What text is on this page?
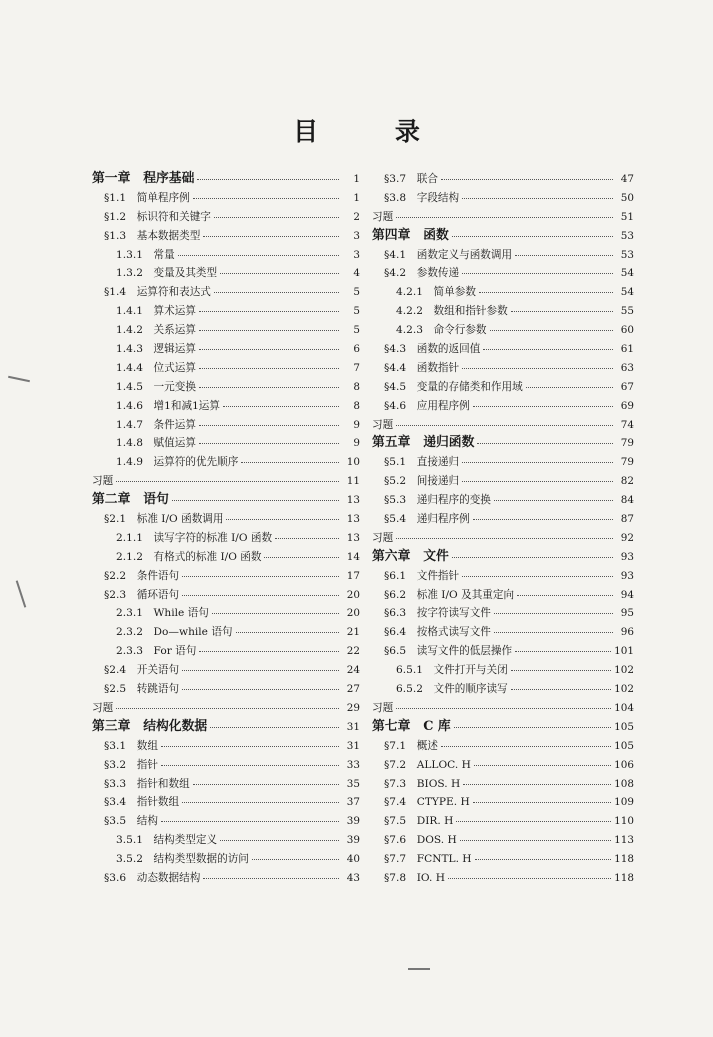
目 录
第一章　程序基础	1
§1.1　简单程序例	1
§1.2　标识符和关键字	2
§1.3　基本数据类型	3
1.3.1　常量	3
1.3.2　变量及其类型	4
§1.4　运算符和表达式	5
1.4.1　算术运算	5
1.4.2　关系运算	5
1.4.3　逻辑运算	6
1.4.4　位式运算	7
1.4.5　一元变换	8
1.4.6　增1和减1运算	8
1.4.7　条件运算	9
1.4.8　赋值运算	9
1.4.9　运算符的优先顺序	10
习题	11
第二章　语句	13
§2.1　标准 I/O 函数调用	13
2.1.1　读写字符的标准 I/O 函数	13
2.1.2　有格式的标准 I/O 函数	14
§2.2　条件语句	17
§2.3　循环语句	20
2.3.1　While 语句	20
2.3.2　Do—while 语句	21
2.3.3　For 语句	22
§2.4　开关语句	24
§2.5　转跳语句	27
习题	29
第三章　结构化数据	31
§3.1　数组	31
§3.2　指针	33
§3.3　指针和数组	35
§3.4　指针数组	37
§3.5　结构	39
3.5.1　结构类型定义	39
3.5.2　结构类型数据的访问	40
§3.6　动态数据结构	43
§3.7　联合	47
§3.8　字段结构	50
习题	51
第四章　函数	53
§4.1　函数定义与函数调用	53
§4.2　参数传递	54
4.2.1　简单参数	54
4.2.2　数组和指针参数	55
4.2.3　命令行参数	60
§4.3　函数的返回值	61
§4.4　函数指针	63
§4.5　变量的存储类和作用域	67
§4.6　应用程序例	69
习题	74
第五章　递归函数	79
§5.1　直接递归	79
§5.2　间接递归	82
§5.3　递归程序的变换	84
§5.4　递归程序例	87
习题	92
第六章　文件	93
§6.1　文件指针	93
§6.2　标准 I/O 及其重定向	94
§6.3　按字符读写文件	95
§6.4　按格式读写文件	96
§6.5　读写文件的低层操作	101
6.5.1　文件打开与关闭	102
6.5.2　文件的顺序读写	102
习题	104
第七章　C 库	105
§7.1　概述	105
§7.2　ALLOC. H	106
§7.3　BIOS. H	108
§7.4　CTYPE. H	109
§7.5　DIR. H	110
§7.6　DOS. H	113
§7.7　FCNTL. H	118
§7.8　IO. H	118
